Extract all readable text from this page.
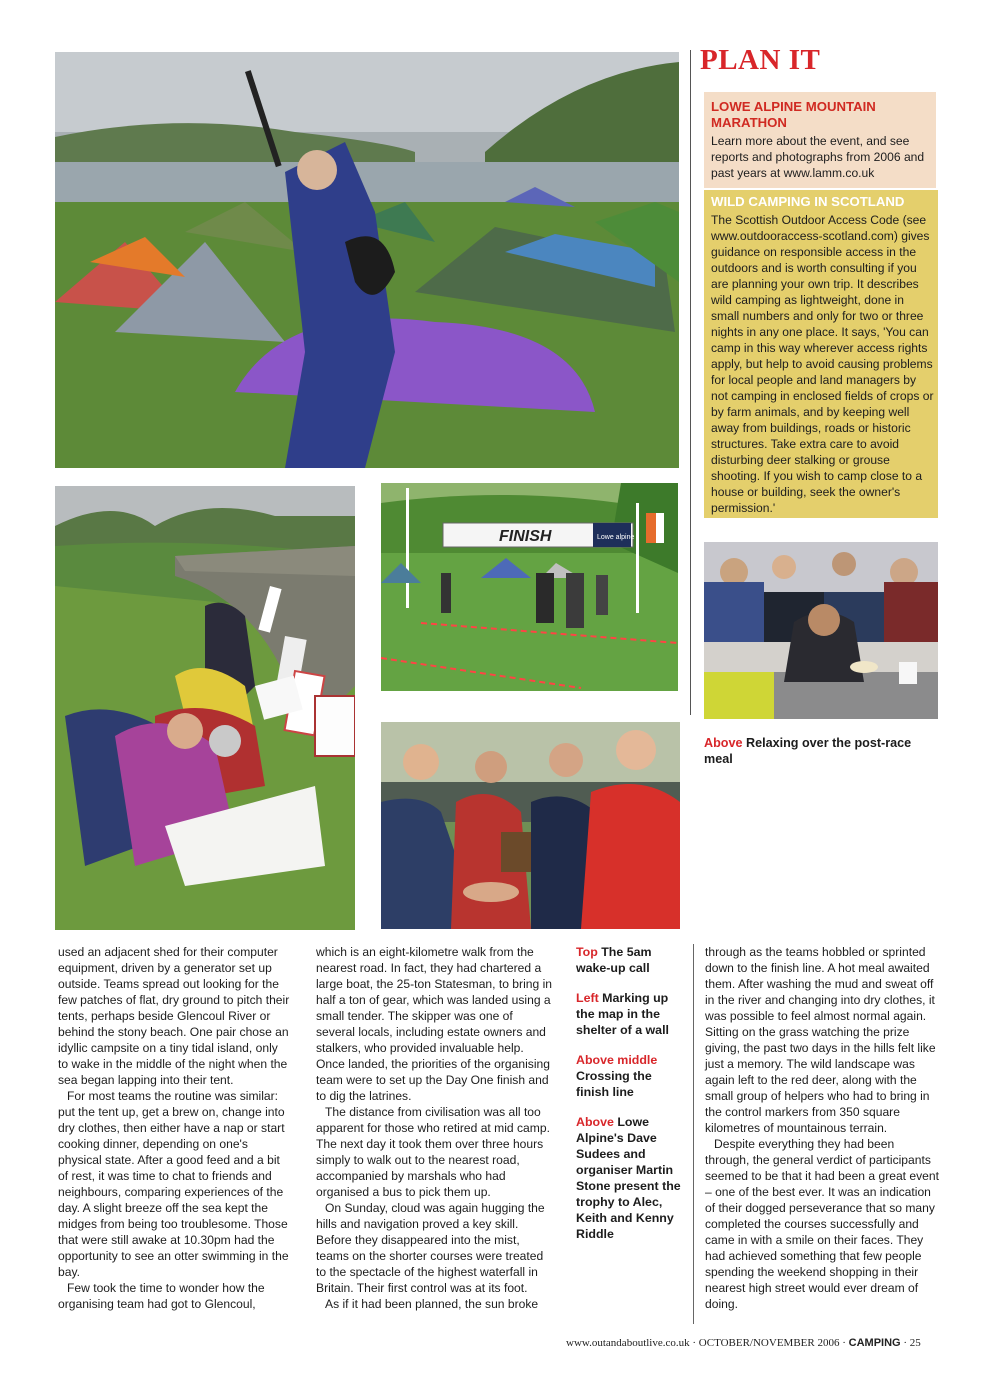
FINISH	Lowe alpine
PLAN IT
LOWE ALPINE MOUNTAIN MARATHON
Learn more about the event, and see reports and photographs from 2006 and past years at www.lamm.co.uk
WILD CAMPING IN SCOTLAND
The Scottish Outdoor Access Code (see www.outdooraccess-scotland.com) gives guidance on responsible access in the outdoors and is worth consulting if you are planning your own trip. It describes wild camping as lightweight, done in small numbers and only for two or three nights in any one place. It says, 'You can camp in this way wherever access rights apply, but help to avoid causing problems for local people and land managers by not camping in enclosed fields of crops or by farm animals, and by keeping well away from buildings, roads or historic structures. Take extra care to avoid disturbing deer stalking or grouse shooting. If you wish to camp close to a house or building, seek the owner's permission.'
Above Relaxing over the post-race meal

used an adjacent shed for their computer equipment, driven by a generator set up outside. Teams spread out looking for the few patches of flat, dry ground to pitch their tents, perhaps beside Glencoul River or behind the stony beach. One pair chose an idyllic campsite on a tiny tidal island, only to wake in the middle of the night when the sea began lapping into their tent.

For most teams the routine was similar: put the tent up, get a brew on, change into dry clothes, then either have a nap or start cooking dinner, depending on one's physical state. After a good feed and a bit of rest, it was time to chat to friends and neighbours, comparing experiences of the day. A slight breeze off the sea kept the midges from being too troublesome. Those that were still awake at 10.30pm had the opportunity to see an otter swimming in the bay.

Few took the time to wonder how the organising team had got to Glencoul,

which is an eight-kilometre walk from the nearest road. In fact, they had chartered a large boat, the 25-ton Statesman, to bring in half a ton of gear, which was landed using a small tender. The skipper was one of several locals, including estate owners and stalkers, who provided invaluable help. Once landed, the priorities of the organising team were to set up the Day One finish and to dig the latrines.

The distance from civilisation was all too apparent for those who retired at mid camp. The next day it took them over three hours simply to walk out to the nearest road, accompanied by marshals who had organised a bus to pick them up.

On Sunday, cloud was again hugging the hills and navigation proved a key skill. Before they disappeared into the mist, teams on the shorter courses were treated to the spectacle of the highest waterfall in Britain. Their first control was at its foot.

As if it had been planned, the sun broke

Top The 5am wake-up call
Left Marking up the map in the shelter of a wall
Above middle Crossing the finish line
Above Lowe Alpine's Dave Sudees and organiser Martin Stone present the trophy to Alec, Keith and Kenny Riddle

through as the teams hobbled or sprinted down to the finish line. A hot meal awaited them. After washing the mud and sweat off in the river and changing into dry clothes, it was possible to feel almost normal again. Sitting on the grass watching the prize giving, the past two days in the hills felt like just a memory. The wild landscape was again left to the red deer, along with the small group of helpers who had to bring in the control markers from 350 square kilometres of mountainous terrain.

Despite everything they had been through, the general verdict of participants seemed to be that it had been a great event – one of the best ever. It was an indication of their dogged perseverance that so many completed the courses successfully and came in with a smile on their faces. They had achieved something that few people spending the weekend shopping in their nearest high street would ever dream of doing.

www.outandaboutlive.co.uk · OCTOBER/NOVEMBER 2006 · CAMPING · 25
